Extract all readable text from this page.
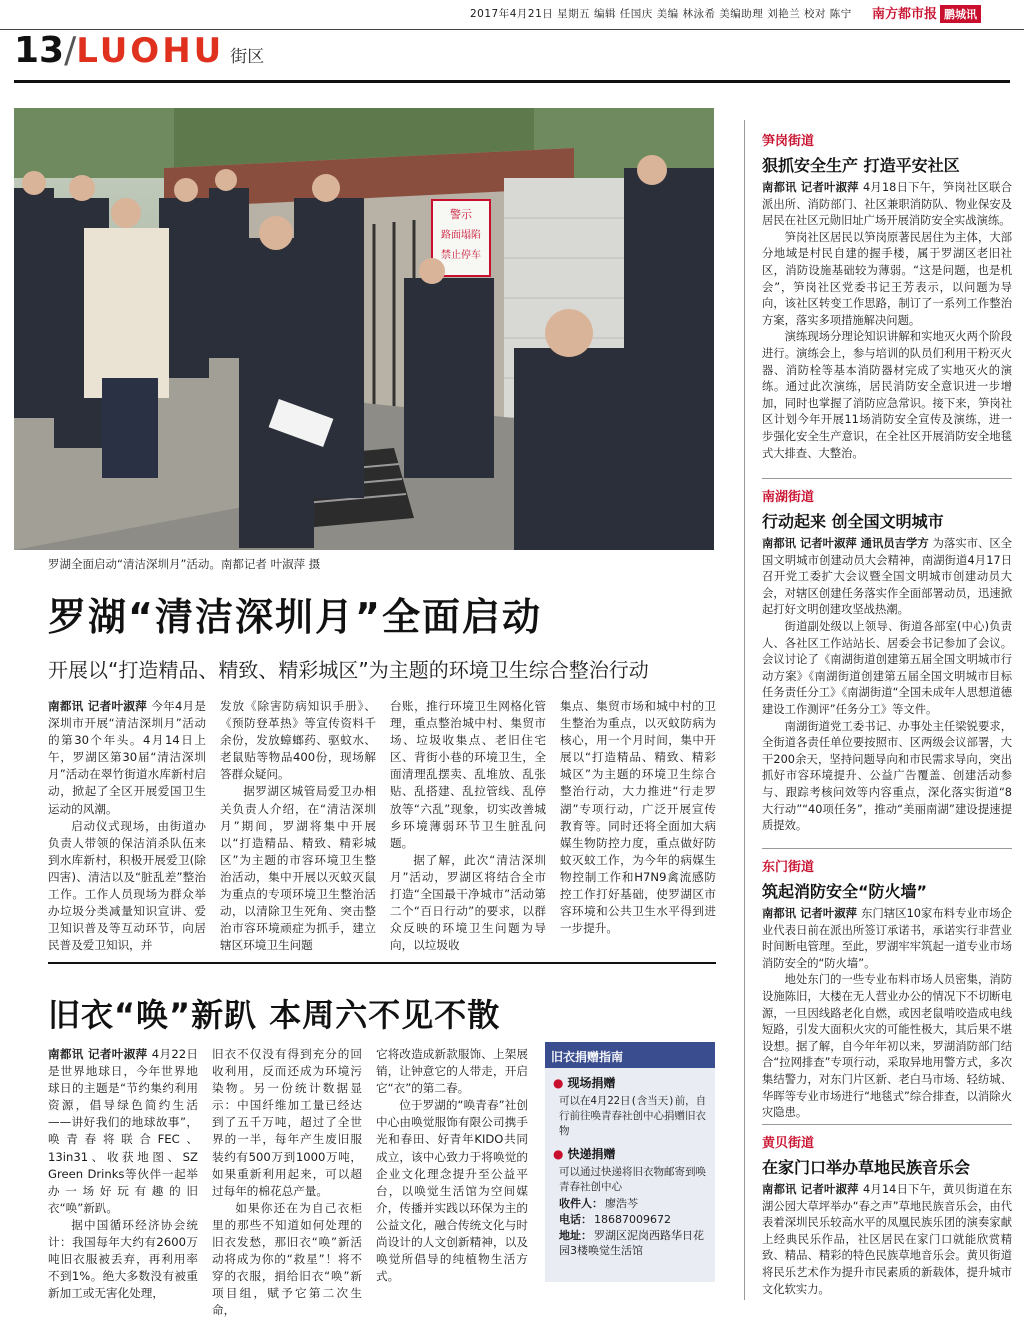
2017年4月21日 星期五 编辑 任国庆 美编 林泳希 美编助理 刘艳兰 校对 陈宁 南方都市报 鹏城讯
13/LUOHU 街区
警示
路面塌陷
禁止停车
罗湖全面启动“清洁深圳月”活动。南都记者 叶淑萍 摄
罗湖“清洁深圳月”全面启动
开展以“打造精品、精致、精彩城区”为主题的环境卫生综合整治行动

南都讯 记者叶淑萍 今年4月是深圳市开展“清洁深圳月”活动的第30个年头。4月14日上午，罗湖区第30届“清洁深圳月”活动在翠竹街道水库新村启动，掀起了全区开展爱国卫生运动的风潮。

启动仪式现场，由街道办负责人带领的保洁消杀队伍来到水库新村，积极开展爱卫(除四害)、清洁以及“脏乱差”整治工作。工作人员现场为群众举办垃圾分类减量知识宣讲、爱卫知识普及等互动环节，向居民普及爱卫知识，并

发放《除害防病知识手册》、《预防登革热》等宣传资料千余份，发放蟑螂药、驱蚊水、老鼠贴等物品400份，现场解答群众疑问。

据罗湖区城管局爱卫办相关负责人介绍，在“清洁深圳月”期间，罗湖将集中开展以“打造精品、精致、精彩城区”为主题的市容环境卫生整治活动，集中开展以灭蚊灭鼠为重点的专项环境卫生整治活动，以清除卫生死角、突击整治市容环境顽症为抓手，建立辖区环境卫生问题

台账，推行环境卫生网格化管理，重点整治城中村、集贸市场、垃圾收集点、老旧住宅区、背街小巷的环境卫生，全面清理乱摆卖、乱堆放、乱张贴、乱搭建、乱拉管线、乱停放等“六乱”现象，切实改善城乡环境薄弱环节卫生脏乱问题。

据了解，此次“清洁深圳月”活动，罗湖区将结合全市打造“全国最干净城市”活动第二个“百日行动”的要求，以群众反映的环境卫生问题为导向，以垃圾收

集点、集贸市场和城中村的卫生整治为重点，以灭蚊防病为核心，用一个月时间，集中开展以“打造精品、精致、精彩城区”为主题的环境卫生综合整治行动，大力推进“行走罗湖”专项行动，广泛开展宣传教育等。同时还将全面加大病媒生物防控力度，重点做好防蚊灭蚊工作，为今年的病媒生物控制工作和H7N9禽流感防控工作打好基础，使罗湖区市容环境和公共卫生水平得到进一步提升。

旧衣“唤”新趴 本周六不见不散

南都讯 记者叶淑萍 4月22日是世界地球日，今年世界地球日的主题是“节约集约利用资源，倡导绿色简约生活——讲好我们的地球故事”，唤青春将联合FEC、13in31、收获地图、SZ Green Drinks等伙伴一起举办一场好玩有趣的旧衣“唤”新趴。

据中国循环经济协会统计：我国每年大约有2600万吨旧衣服被丢弃，再利用率不到1%。绝大多数没有被重新加工或无害化处理，

旧衣不仅没有得到充分的回收利用，反而还成为环境污染物。另一份统计数据显示：中国纤维加工量已经达到了五千万吨，超过了全世界的一半，每年产生废旧服装约有500万到1000万吨，如果重新利用起来，可以超过每年的棉花总产量。

如果你还在为自己衣柜里的那些不知道如何处理的旧衣发愁，那旧衣“唤”新活动将成为你的“救星”！将不穿的衣服，捐给旧衣“唤”新项目组，赋予它第二次生命，

它将改造成新款服饰、上架展销，让钟意它的人带走，开启它“衣”的第二春。

位于罗湖的“唤青春”社创中心由唤觉服饰有限公司携手光和春田、好青年KIDO共同成立，该中心致力于将唤觉的企业文化理念提升至公益平台，以唤觉生活馆为空间媒介，传播并实践以环保为主的公益文化，融合传统文化与时尚设计的人文创新精神，以及唤觉所倡导的纯植物生活方式。

旧衣捐赠指南
● 现场捐赠
可以在4月22日(含当天)前，自行前往唤青春社创中心捐赠旧衣物
● 快递捐赠
可以通过快递将旧衣物邮寄到唤青春社创中心
收件人： 廖浩芩
电话： 18687009672
地址： 罗湖区泥岗西路华日花园3楼唤觉生活馆
笋岗街道
狠抓安全生产 打造平安社区

南都讯 记者叶淑萍 4月18日下午，笋岗社区联合派出所、消防部门、社区兼职消防队、物业保安及居民在社区元勋旧址广场开展消防安全实战演练。

笋岗社区居民以笋岗原著民居住为主体，大部分地域是村民自建的握手楼，属于罗湖区老旧社区，消防设施基础较为薄弱。“这是问题，也是机会”，笋岗社区党委书记王芳表示，以问题为导向，该社区转变工作思路，制订了一系列工作整治方案，落实多项措施解决问题。

演练现场分理论知识讲解和实地灭火两个阶段进行。演练会上，参与培训的队员们利用干粉灭火器、消防栓等基本消防器材完成了实地灭火的演练。通过此次演练，居民消防安全意识进一步增加，同时也掌握了消防应急常识。接下来，笋岗社区计划今年开展11场消防安全宣传及演练，进一步强化安全生产意识，在全社区开展消防安全地毯式大排查、大整治。

南湖街道
行动起来 创全国文明城市

南都讯 记者叶淑萍 通讯员吉学方 为落实市、区全国文明城市创建动员大会精神，南湖街道4月17日召开党工委扩大会议暨全国文明城市创建动员大会，对辖区创建任务落实作全面部署动员，迅速掀起打好文明创建攻坚战热潮。

街道副处级以上领导、街道各部室(中心)负责人、各社区工作站站长、居委会书记参加了会议。会议讨论了《南湖街道创建第五届全国文明城市行动方案》《南湖街道创建第五届全国文明城市目标任务责任分工》《南湖街道“全国未成年人思想道德建设工作测评”任务分工》等文件。

南湖街道党工委书记、办事处主任梁锐要求，全街道各责任单位要按照市、区两级会议部署，大干200余天，坚持问题导向和市民需求导向，突出抓好市容环境提升、公益广告覆盖、创建活动参与、跟踪考核问效等内容重点，深化落实街道“8大行动”“40项任务”，推动“美丽南湖”建设提速提质提效。

东门街道
筑起消防安全“防火墙”

南都讯 记者叶淑萍 东门辖区10家布料专业市场企业代表日前在派出所签订承诺书，承诺实行非营业时间断电管理。至此，罗湖牢牢筑起一道专业市场消防安全的“防火墙”。

地处东门的一些专业布料市场人员密集，消防设施陈旧，大楼在无人营业办公的情况下不切断电源，一旦因线路老化自燃，或因老鼠啃咬造成电线短路，引发大面积火灾的可能性极大，其后果不堪设想。据了解，自今年年初以来，罗湖消防部门结合“拉网排查”专项行动，采取异地用警方式，多次集结警力，对东门片区新、老白马市场、轻纺城、华晖等专业市场进行“地毯式”综合排查，以消除火灾隐患。

黄贝街道
在家门口举办草地民族音乐会

南都讯 记者叶淑萍 4月14日下午，黄贝街道在东湖公园大草坪举办“春之声”草地民族音乐会，由代表着深圳民乐较高水平的凤凰民族乐团的演奏家献上经典民乐作品，社区居民在家门口就能欣赏精致、精品、精彩的特色民族草地音乐会。黄贝街道将民乐艺术作为提升市民素质的新载体，提升城市文化软实力。
